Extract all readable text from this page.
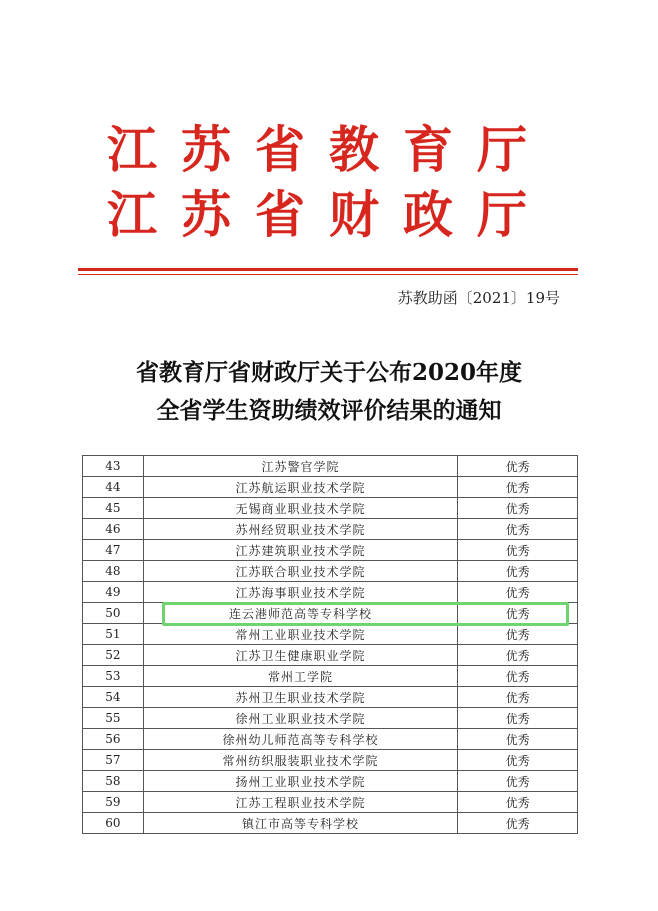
江苏省教育厅
江苏省财政厅
苏教助函〔2021〕19号
省教育厅省财政厅关于公布2020年度
全省学生资助绩效评价结果的通知
43	江苏警官学院	优秀
44	江苏航运职业技术学院	优秀
45	无锡商业职业技术学院	优秀
46	苏州经贸职业技术学院	优秀
47	江苏建筑职业技术学院	优秀
48	江苏联合职业技术学院	优秀
49	江苏海事职业技术学院	优秀
50	连云港师范高等专科学校	优秀
51	常州工业职业技术学院	优秀
52	江苏卫生健康职业学院	优秀
53	常州工学院	优秀
54	苏州卫生职业技术学院	优秀
55	徐州工业职业技术学院	优秀
56	徐州幼儿师范高等专科学校	优秀
57	常州纺织服装职业技术学院	优秀
58	扬州工业职业技术学院	优秀
59	江苏工程职业技术学院	优秀
60	镇江市高等专科学校	优秀
